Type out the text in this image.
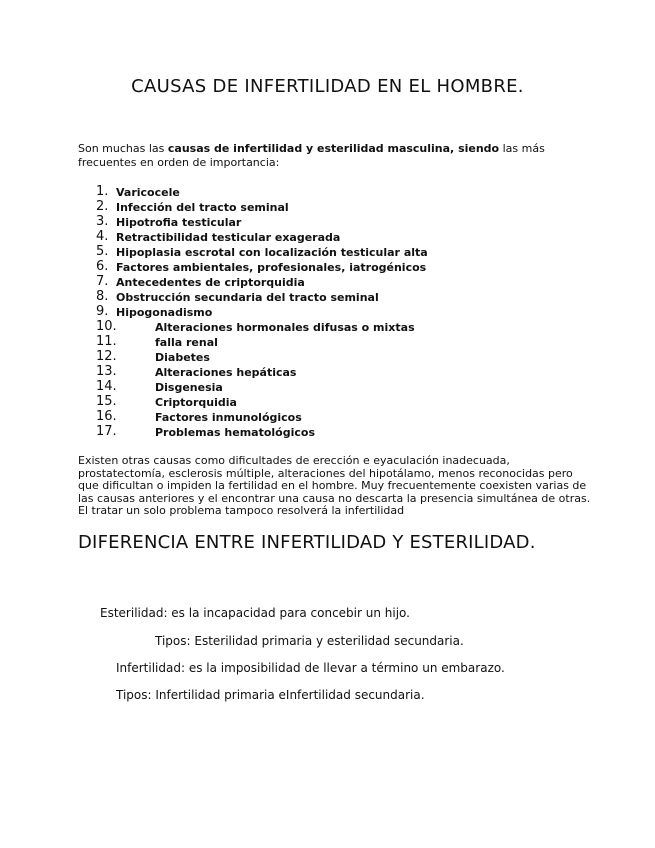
CAUSAS DE INFERTILIDAD EN EL HOMBRE.
Son muchas las causas de infertilidad y esterilidad masculina, siendo las más
frecuentes en orden de importancia:
1. Varicocele
2. Infección del tracto seminal
3. Hipotrofia testicular
4. Retractibilidad testicular exagerada
5. Hipoplasia escrotal con localización testicular alta
6. Factores ambientales, profesionales, iatrogénicos
7. Antecedentes de criptorquidia
8. Obstrucción secundaria del tracto seminal
9. Hipogonadismo
10.	Alteraciones hormonales difusas o mixtas
11.	falla renal
12.	Diabetes
13.	Alteraciones hepáticas
14.	Disgenesia
15.	Criptorquidia
16.	Factores inmunológicos
17.	Problemas hematológicos
Existen otras causas como dificultades de erección e eyaculación inadecuada,
prostatectomía, esclerosis múltiple, alteraciones del hipotálamo, menos reconocidas pero
que dificultan o impiden la fertilidad en el hombre. Muy frecuentemente coexisten varias de
las causas anteriores y el encontrar una causa no descarta la presencia simultánea de otras.
El tratar un solo problema tampoco resolverá la infertilidad
DIFERENCIA ENTRE INFERTILIDAD Y ESTERILIDAD.
Esterilidad: es la incapacidad para concebir un hijo.
Tipos: Esterilidad primaria y esterilidad secundaria.
Infertilidad: es la imposibilidad de llevar a término un embarazo.
Tipos: Infertilidad primaria eInfertilidad secundaria.
